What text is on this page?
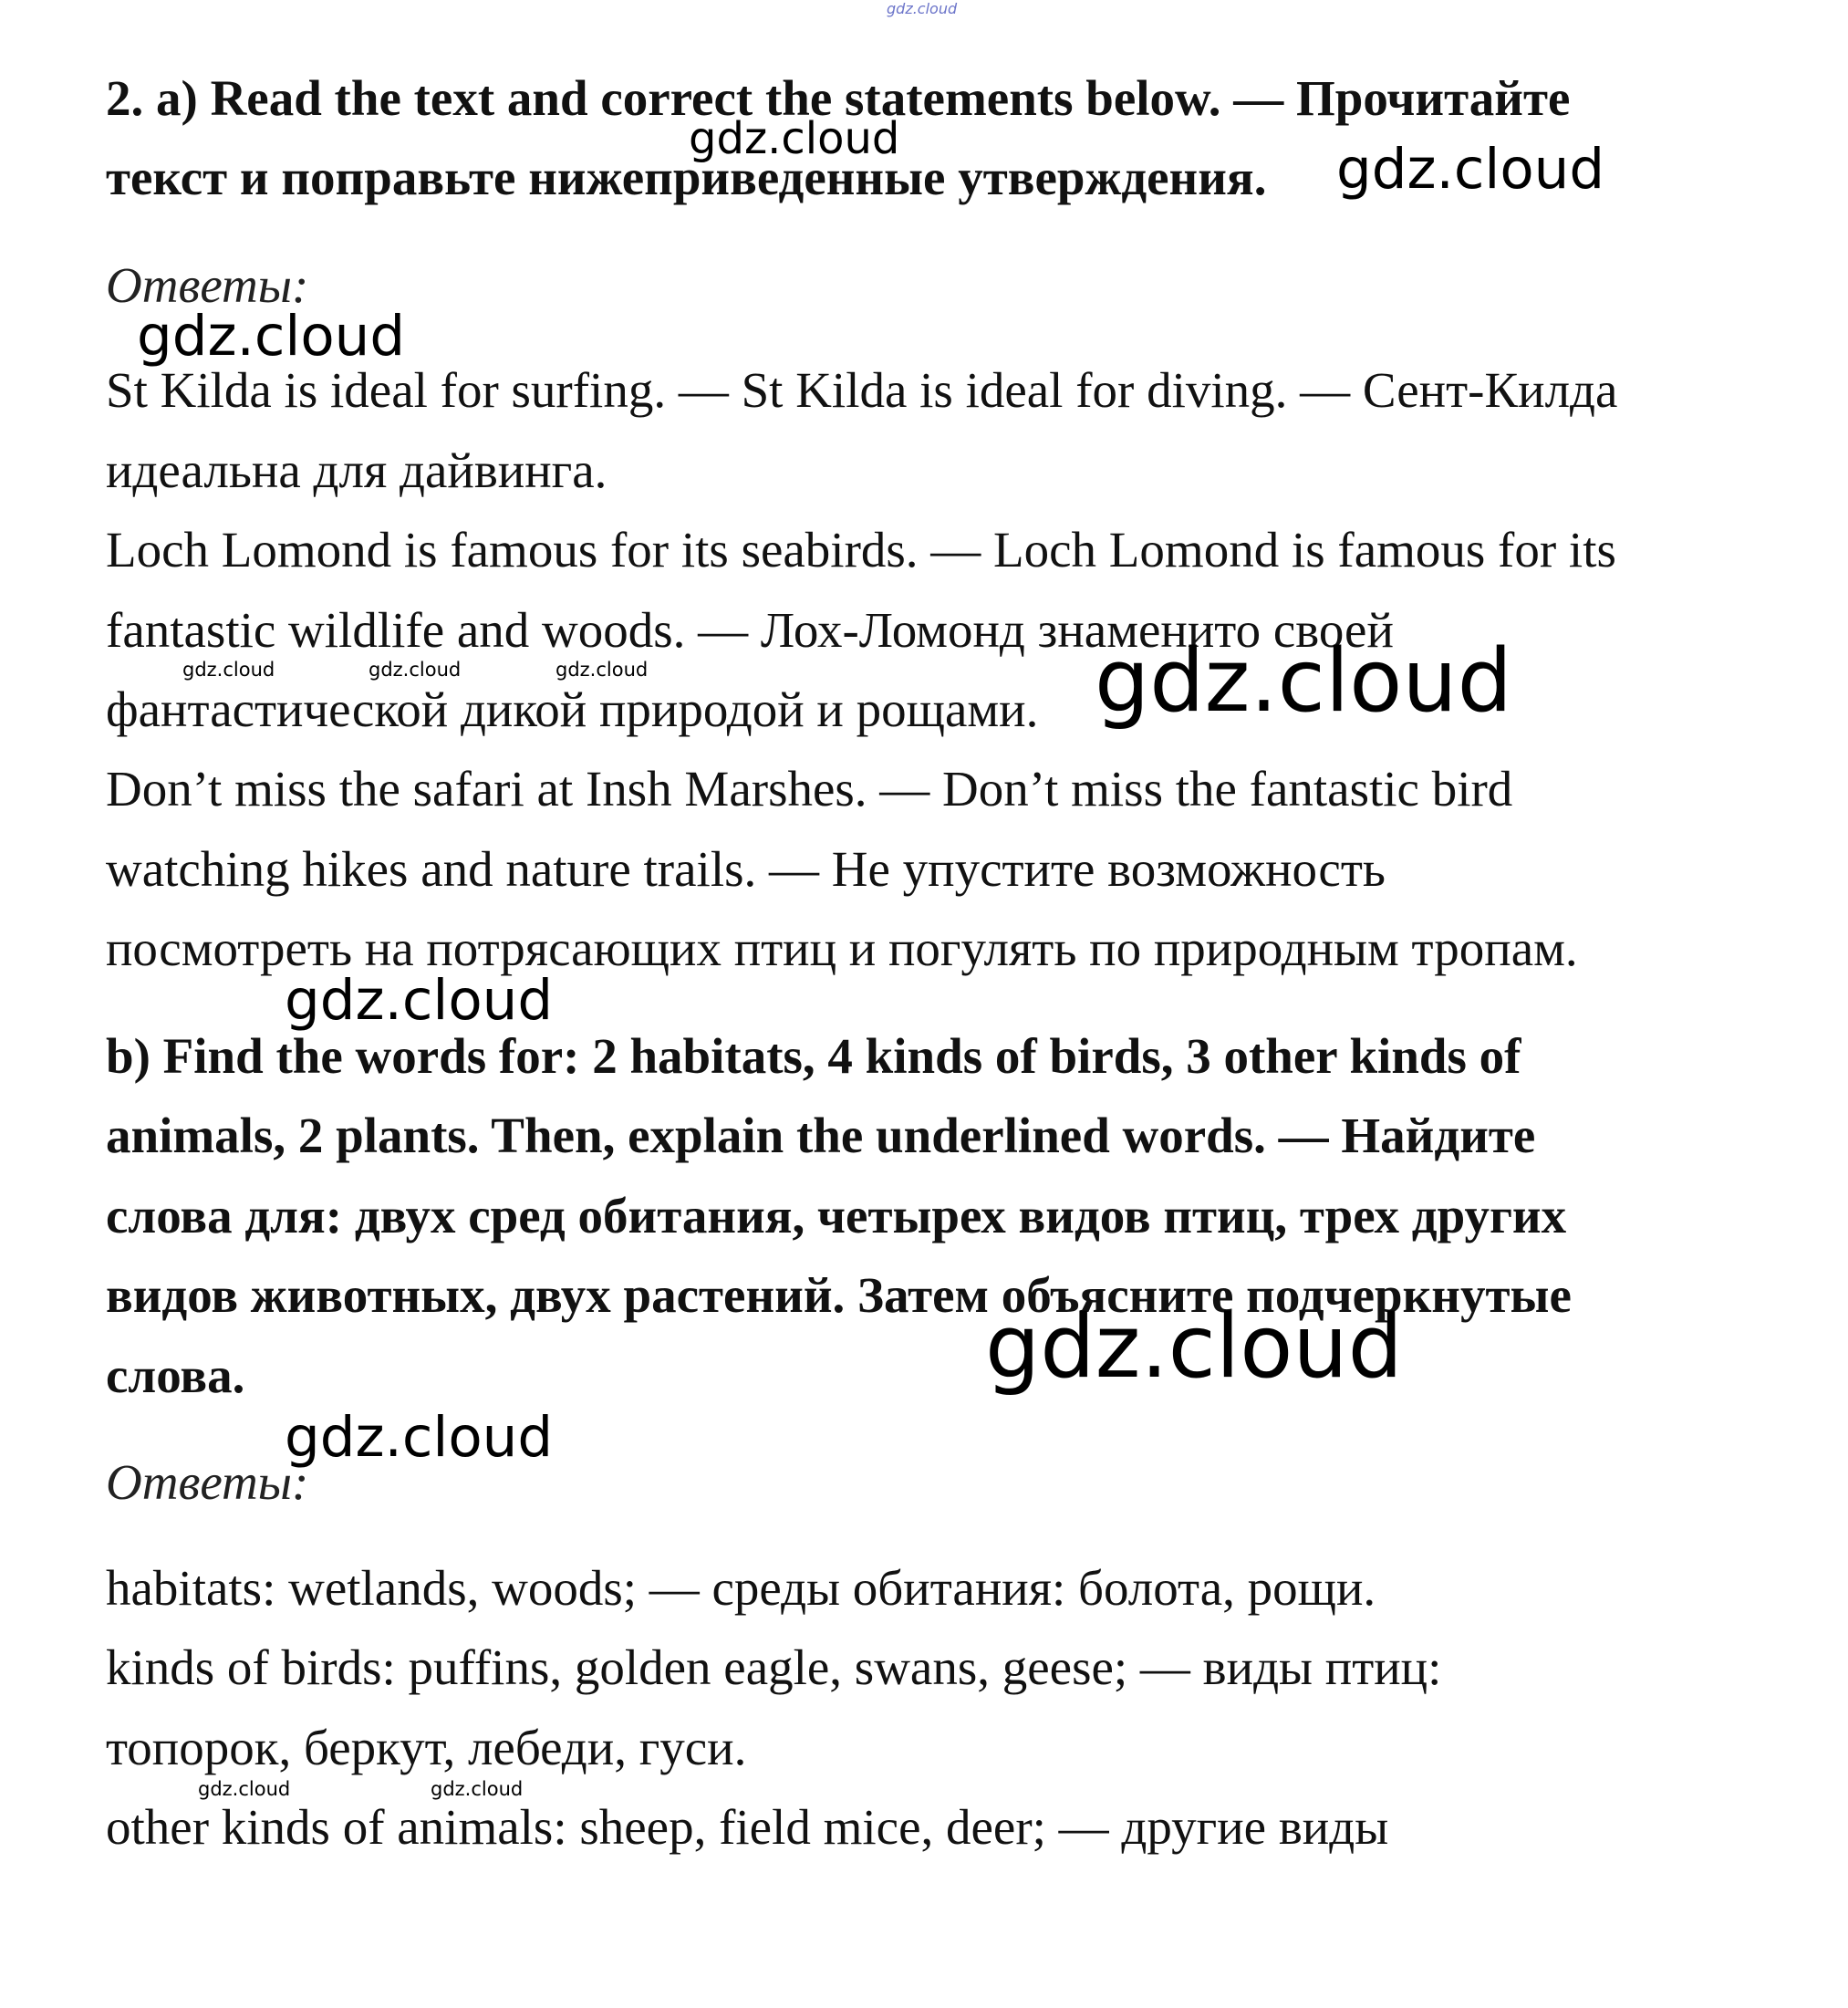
gdz.cloud
2. a) Read the text and correct the statements below. — Прочитайте
текст и поправьте нижеприведенные утверждения.
Ответы:
St Kilda is ideal for surfing. — St Kilda is ideal for diving. — Сент-Килда
идеальна для дайвинга.
Loch Lomond is famous for its seabirds. — Loch Lomond is famous for its
fantastic wildlife and woods. — Лох-Ломонд знаменито своей
фантастической дикой природой и рощами.
Don’t miss the safari at Insh Marshes. — Don’t miss the fantastic bird
watching hikes and nature trails. — Не упустите возможность
посмотреть на потрясающих птиц и погулять по природным тропам.
b) Find the words for: 2 habitats, 4 kinds of birds, 3 other kinds of
animals, 2 plants. Then, explain the underlined words. — Найдите
слова для: двух сред обитания, четырех видов птиц, трех других
видов животных, двух растений. Затем объясните подчеркнутые
слова.
Ответы:
habitats: wetlands, woods; — среды обитания: болота, рощи.
kinds of birds: puffins, golden eagle, swans, geese; — виды птиц:
топорок, беркут, лебеди, гуси.
other kinds of animals: sheep, field mice, deer; — другие виды
gdz.cloud	gdz.cloud
gdz.cloud
gdz.cloud	gdz.cloud	gdz.cloud	gdz.cloud
gdz.cloud
gdz.cloud
gdz.cloud
gdz.cloud	gdz.cloud
